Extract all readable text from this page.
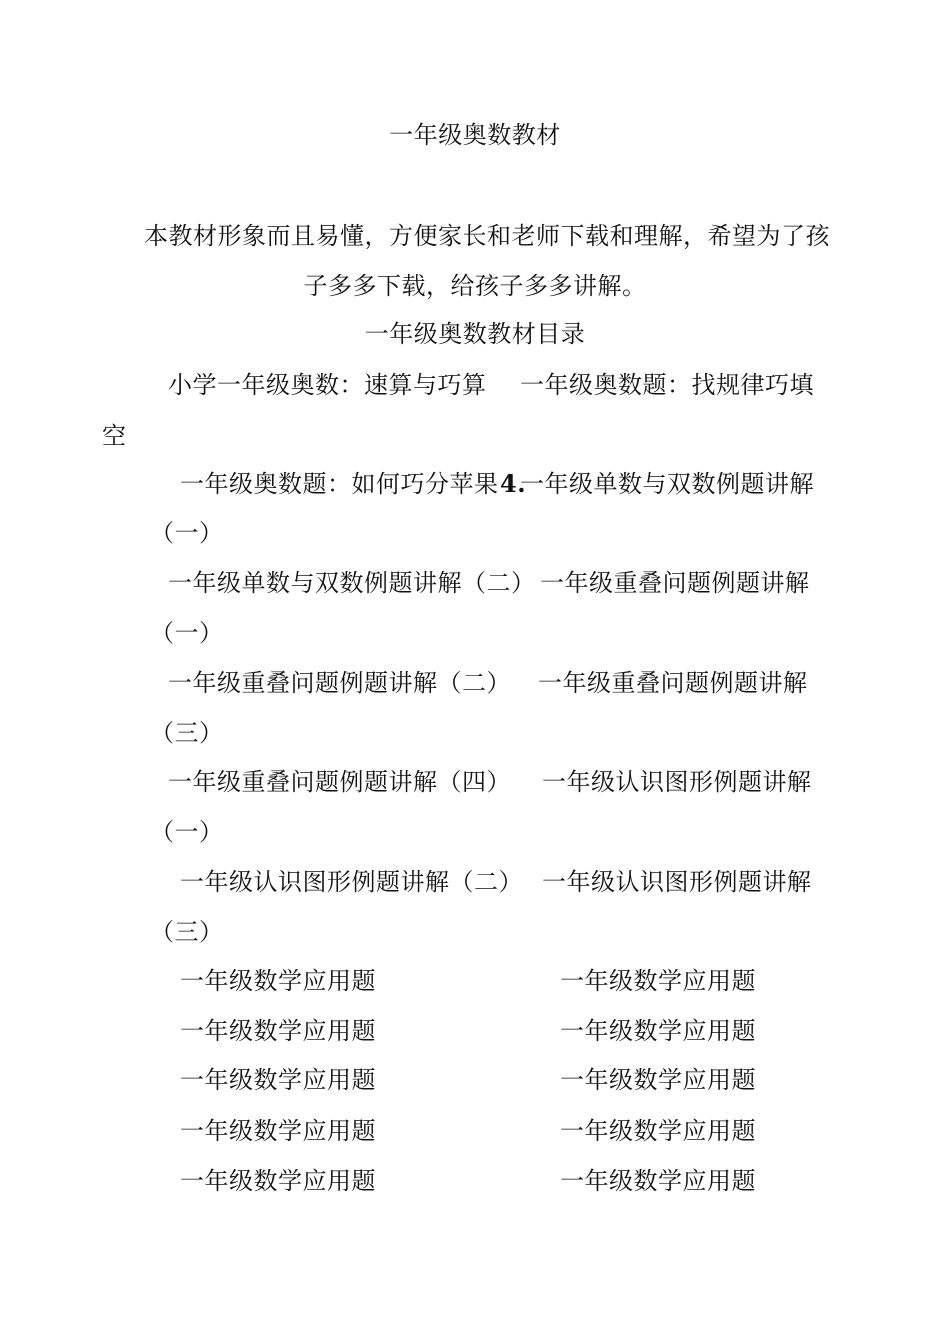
一年级奥数教材
本教材形象而且易懂，方便家长和老师下载和理解，希望为了孩
子多多下载，给孩子多多讲解。
一年级奥数教材目录
小学一年级奥数：速算与巧算 一年级奥数题：找规律巧填
空
一年级奥数题：如何巧分苹果 4.
一年级单数与双数例题讲解
（一）
一年级单数与双数例题讲解（二） 一年级重叠问题例题讲解
（一）
一年级重叠问题例题讲解（二） 一年级重叠问题例题讲解
（三）
一年级重叠问题例题讲解（四） 一年级认识图形例题讲解
（一）
一年级认识图形例题讲解（二） 一年级认识图形例题讲解
（三）
一年级数学应用题	一年级数学应用题
一年级数学应用题	一年级数学应用题
一年级数学应用题	一年级数学应用题
一年级数学应用题	一年级数学应用题
一年级数学应用题	一年级数学应用题
